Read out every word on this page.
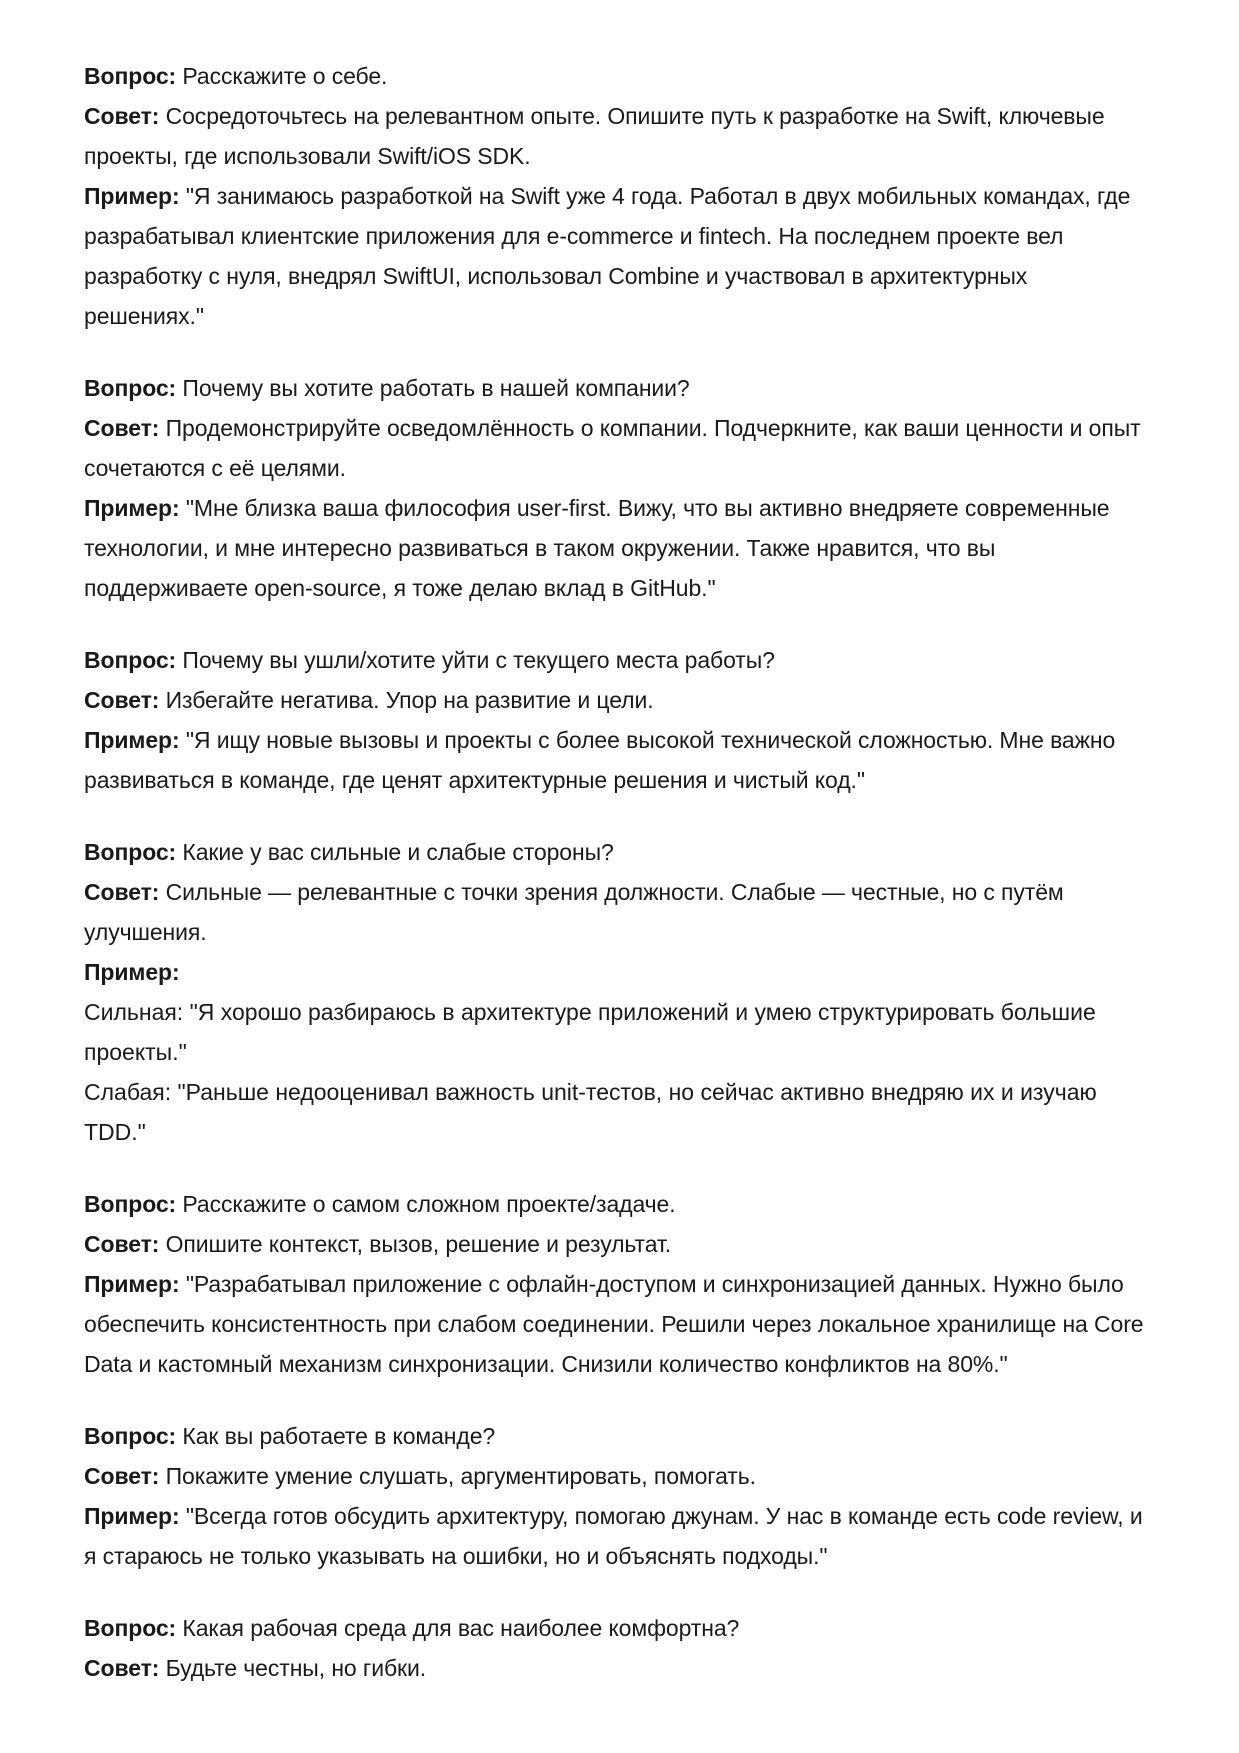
Вопрос: Расскажите о себе.

Совет: Сосредоточьтесь на релевантном опыте. Опишите путь к разработке на Swift, ключевые проекты, где использовали Swift/iOS SDK.

Пример: "Я занимаюсь разработкой на Swift уже 4 года. Работал в двух мобильных командах, где разрабатывал клиентские приложения для e-commerce и fintech. На последнем проекте вел разработку с нуля, внедрял SwiftUI, использовал Combine и участвовал в архитектурных решениях."

Вопрос: Почему вы хотите работать в нашей компании?

Совет: Продемонстрируйте осведомлённость о компании. Подчеркните, как ваши ценности и опыт сочетаются с её целями.

Пример: "Мне близка ваша философия user-first. Вижу, что вы активно внедряете современные технологии, и мне интересно развиваться в таком окружении. Также нравится, что вы поддерживаете open-source, я тоже делаю вклад в GitHub."

Вопрос: Почему вы ушли/хотите уйти с текущего места работы?

Совет: Избегайте негатива. Упор на развитие и цели.

Пример: "Я ищу новые вызовы и проекты с более высокой технической сложностью. Мне важно развиваться в команде, где ценят архитектурные решения и чистый код."

Вопрос: Какие у вас сильные и слабые стороны?

Совет: Сильные — релевантные с точки зрения должности. Слабые — честные, но с путём улучшения.

Пример:

Сильная: "Я хорошо разбираюсь в архитектуре приложений и умею структурировать большие проекты."

Слабая: "Раньше недооценивал важность unit-тестов, но сейчас активно внедряю их и изучаю TDD."

Вопрос: Расскажите о самом сложном проекте/задаче.

Совет: Опишите контекст, вызов, решение и результат.

Пример: "Разрабатывал приложение с офлайн-доступом и синхронизацией данных. Нужно было обеспечить консистентность при слабом соединении. Решили через локальное хранилище на Core Data и кастомный механизм синхронизации. Снизили количество конфликтов на 80%."

Вопрос: Как вы работаете в команде?

Совет: Покажите умение слушать, аргументировать, помогать.

Пример: "Всегда готов обсудить архитектуру, помогаю джунам. У нас в команде есть code review, и я стараюсь не только указывать на ошибки, но и объяснять подходы."

Вопрос: Какая рабочая среда для вас наиболее комфортна?

Совет: Будьте честны, но гибки.
